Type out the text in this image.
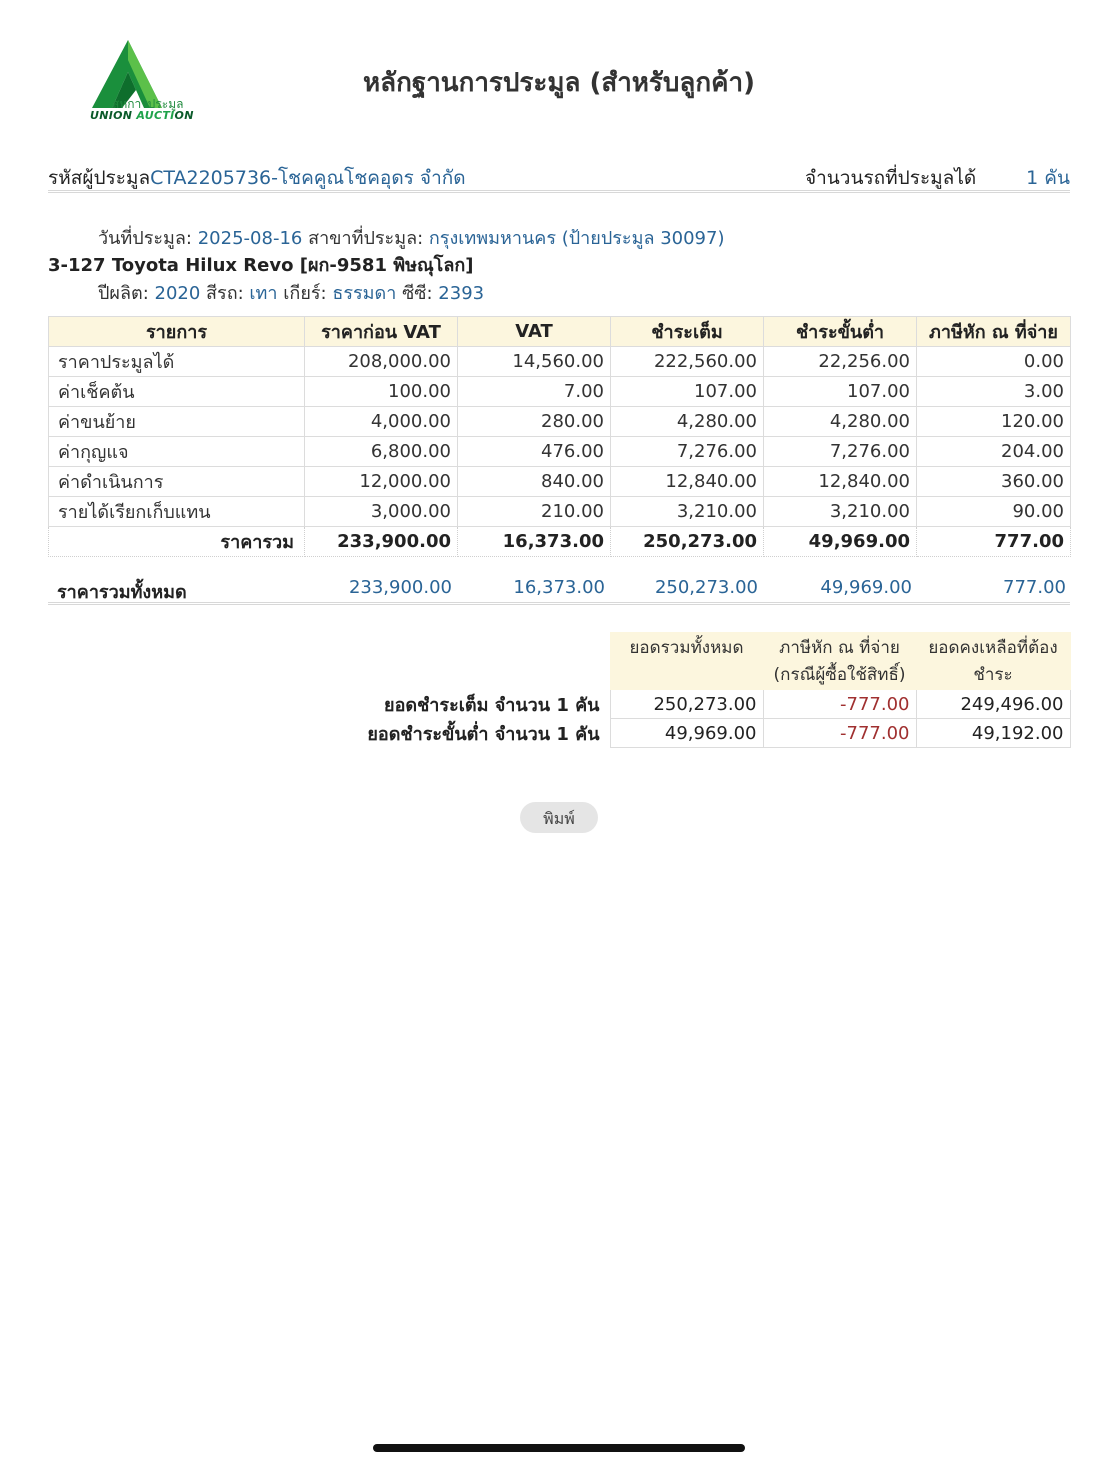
สหการประมูล
UNION AUCTION
หลักฐานการประมูล (สำหรับลูกค้า)
รหัสผู้ประมูลCTA2205736-โชคคูณโชคอุดร จำกัด	จำนวนรถที่ประมูลได้	1 คัน
วันที่ประมูล: 2025-08-16 สาขาที่ประมูล: กรุงเทพมหานคร (ป้ายประมูล 30097)
3-127 Toyota Hilux Revo [ผก-9581 พิษณุโลก]
ปีผลิต: 2020 สีรถ: เทา เกียร์: ธรรมดา ซีซี: 2393
รายการ	ราคาก่อน VAT	VAT	ชำระเต็ม	ชำระขั้นต่ำ	ภาษีหัก ณ ที่จ่าย
ราคาประมูลได้	208,000.00	14,560.00	222,560.00	22,256.00	0.00
ค่าเช็คต้น	100.00	7.00	107.00	107.00	3.00
ค่าขนย้าย	4,000.00	280.00	4,280.00	4,280.00	120.00
ค่ากุญแจ	6,800.00	476.00	7,276.00	7,276.00	204.00
ค่าดำเนินการ	12,000.00	840.00	12,840.00	12,840.00	360.00
รายได้เรียกเก็บแทน	3,000.00	210.00	3,210.00	3,210.00	90.00
ราคารวม	233,900.00	16,373.00	250,273.00	49,969.00	777.00
ราคารวมทั้งหมด	233,900.00	16,373.00	250,273.00	49,969.00	777.00
	ยอดรวมทั้งหมด	ภาษีหัก ณ ที่จ่าย (กรณีผู้ซื้อใช้สิทธิ์)	ยอดคงเหลือที่ต้องชำระ
ยอดชำระเต็ม จำนวน 1 คัน	250,273.00	-777.00	249,496.00
ยอดชำระขั้นต่ำ จำนวน 1 คัน	49,969.00	-777.00	49,192.00
พิมพ์
